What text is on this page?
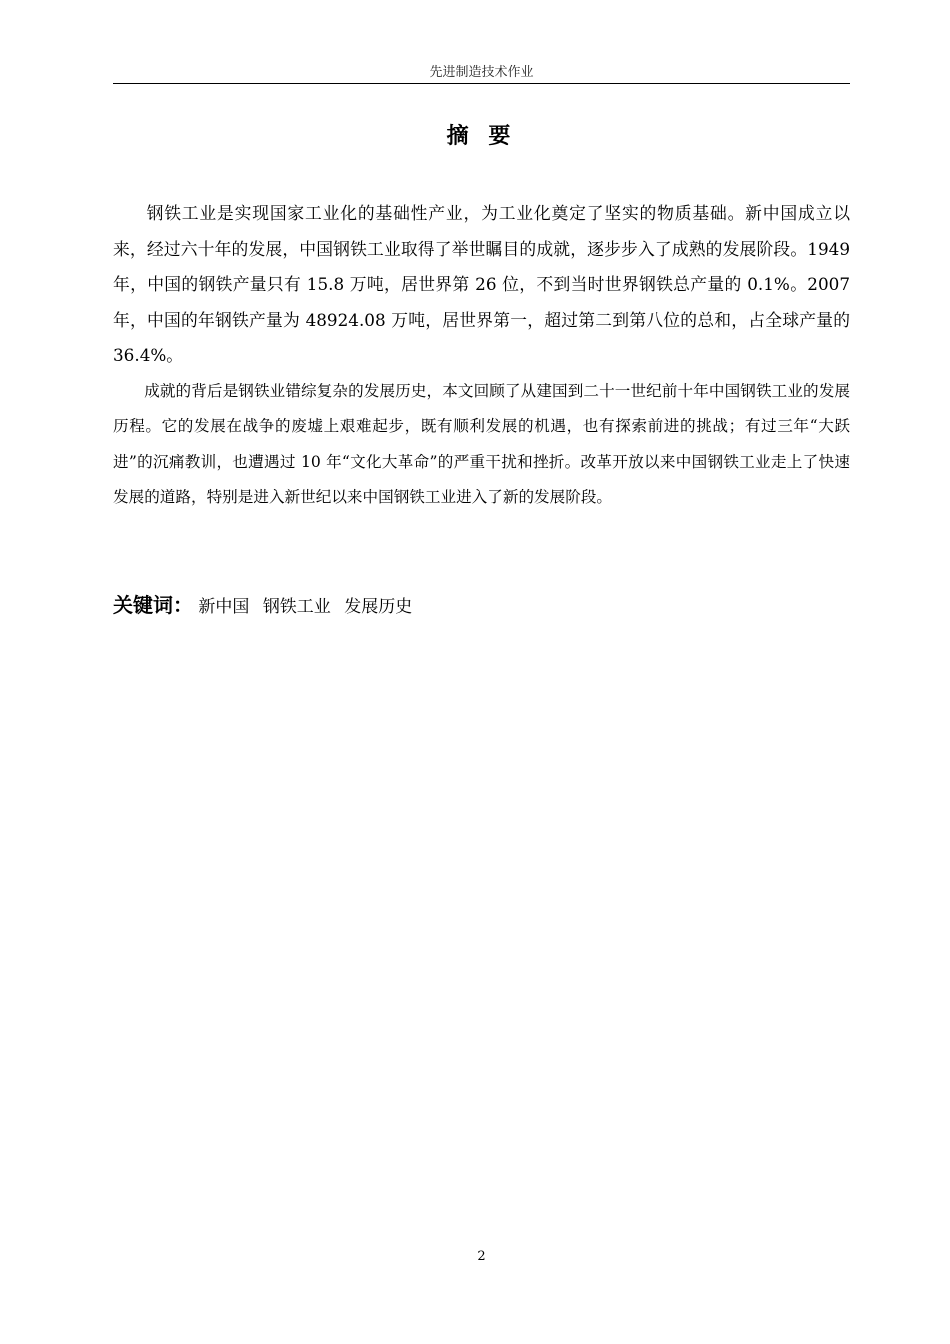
先进制造技术作业
摘 要

钢铁工业是实现国家工业化的基础性产业，为工业化奠定了坚实的物质基础。新中国成立以来，经过六十年的发展，中国钢铁工业取得了举世瞩目的成就，逐步步入了成熟的发展阶段。1949 年，中国的钢铁产量只有 15.8 万吨，居世界第 26 位，不到当时世界钢铁总产量的 0.1%。2007 年，中国的年钢铁产量为 48924.08 万吨，居世界第一，超过第二到第八位的总和，占全球产量的 36.4%。

成就的背后是钢铁业错综复杂的发展历史，本文回顾了从建国到二十一世纪前十年中国钢铁工业的发展历程。它的发展在战争的废墟上艰难起步，既有顺利发展的机遇，也有探索前进的挑战；有过三年“大跃进”的沉痛教训，也遭遇过 10 年“文化大革命”的严重干扰和挫折。改革开放以来中国钢铁工业走上了快速发展的道路，特别是进入新世纪以来中国钢铁工业进入了新的发展阶段。

关键词： 新中国 钢铁工业 发展历史
2
